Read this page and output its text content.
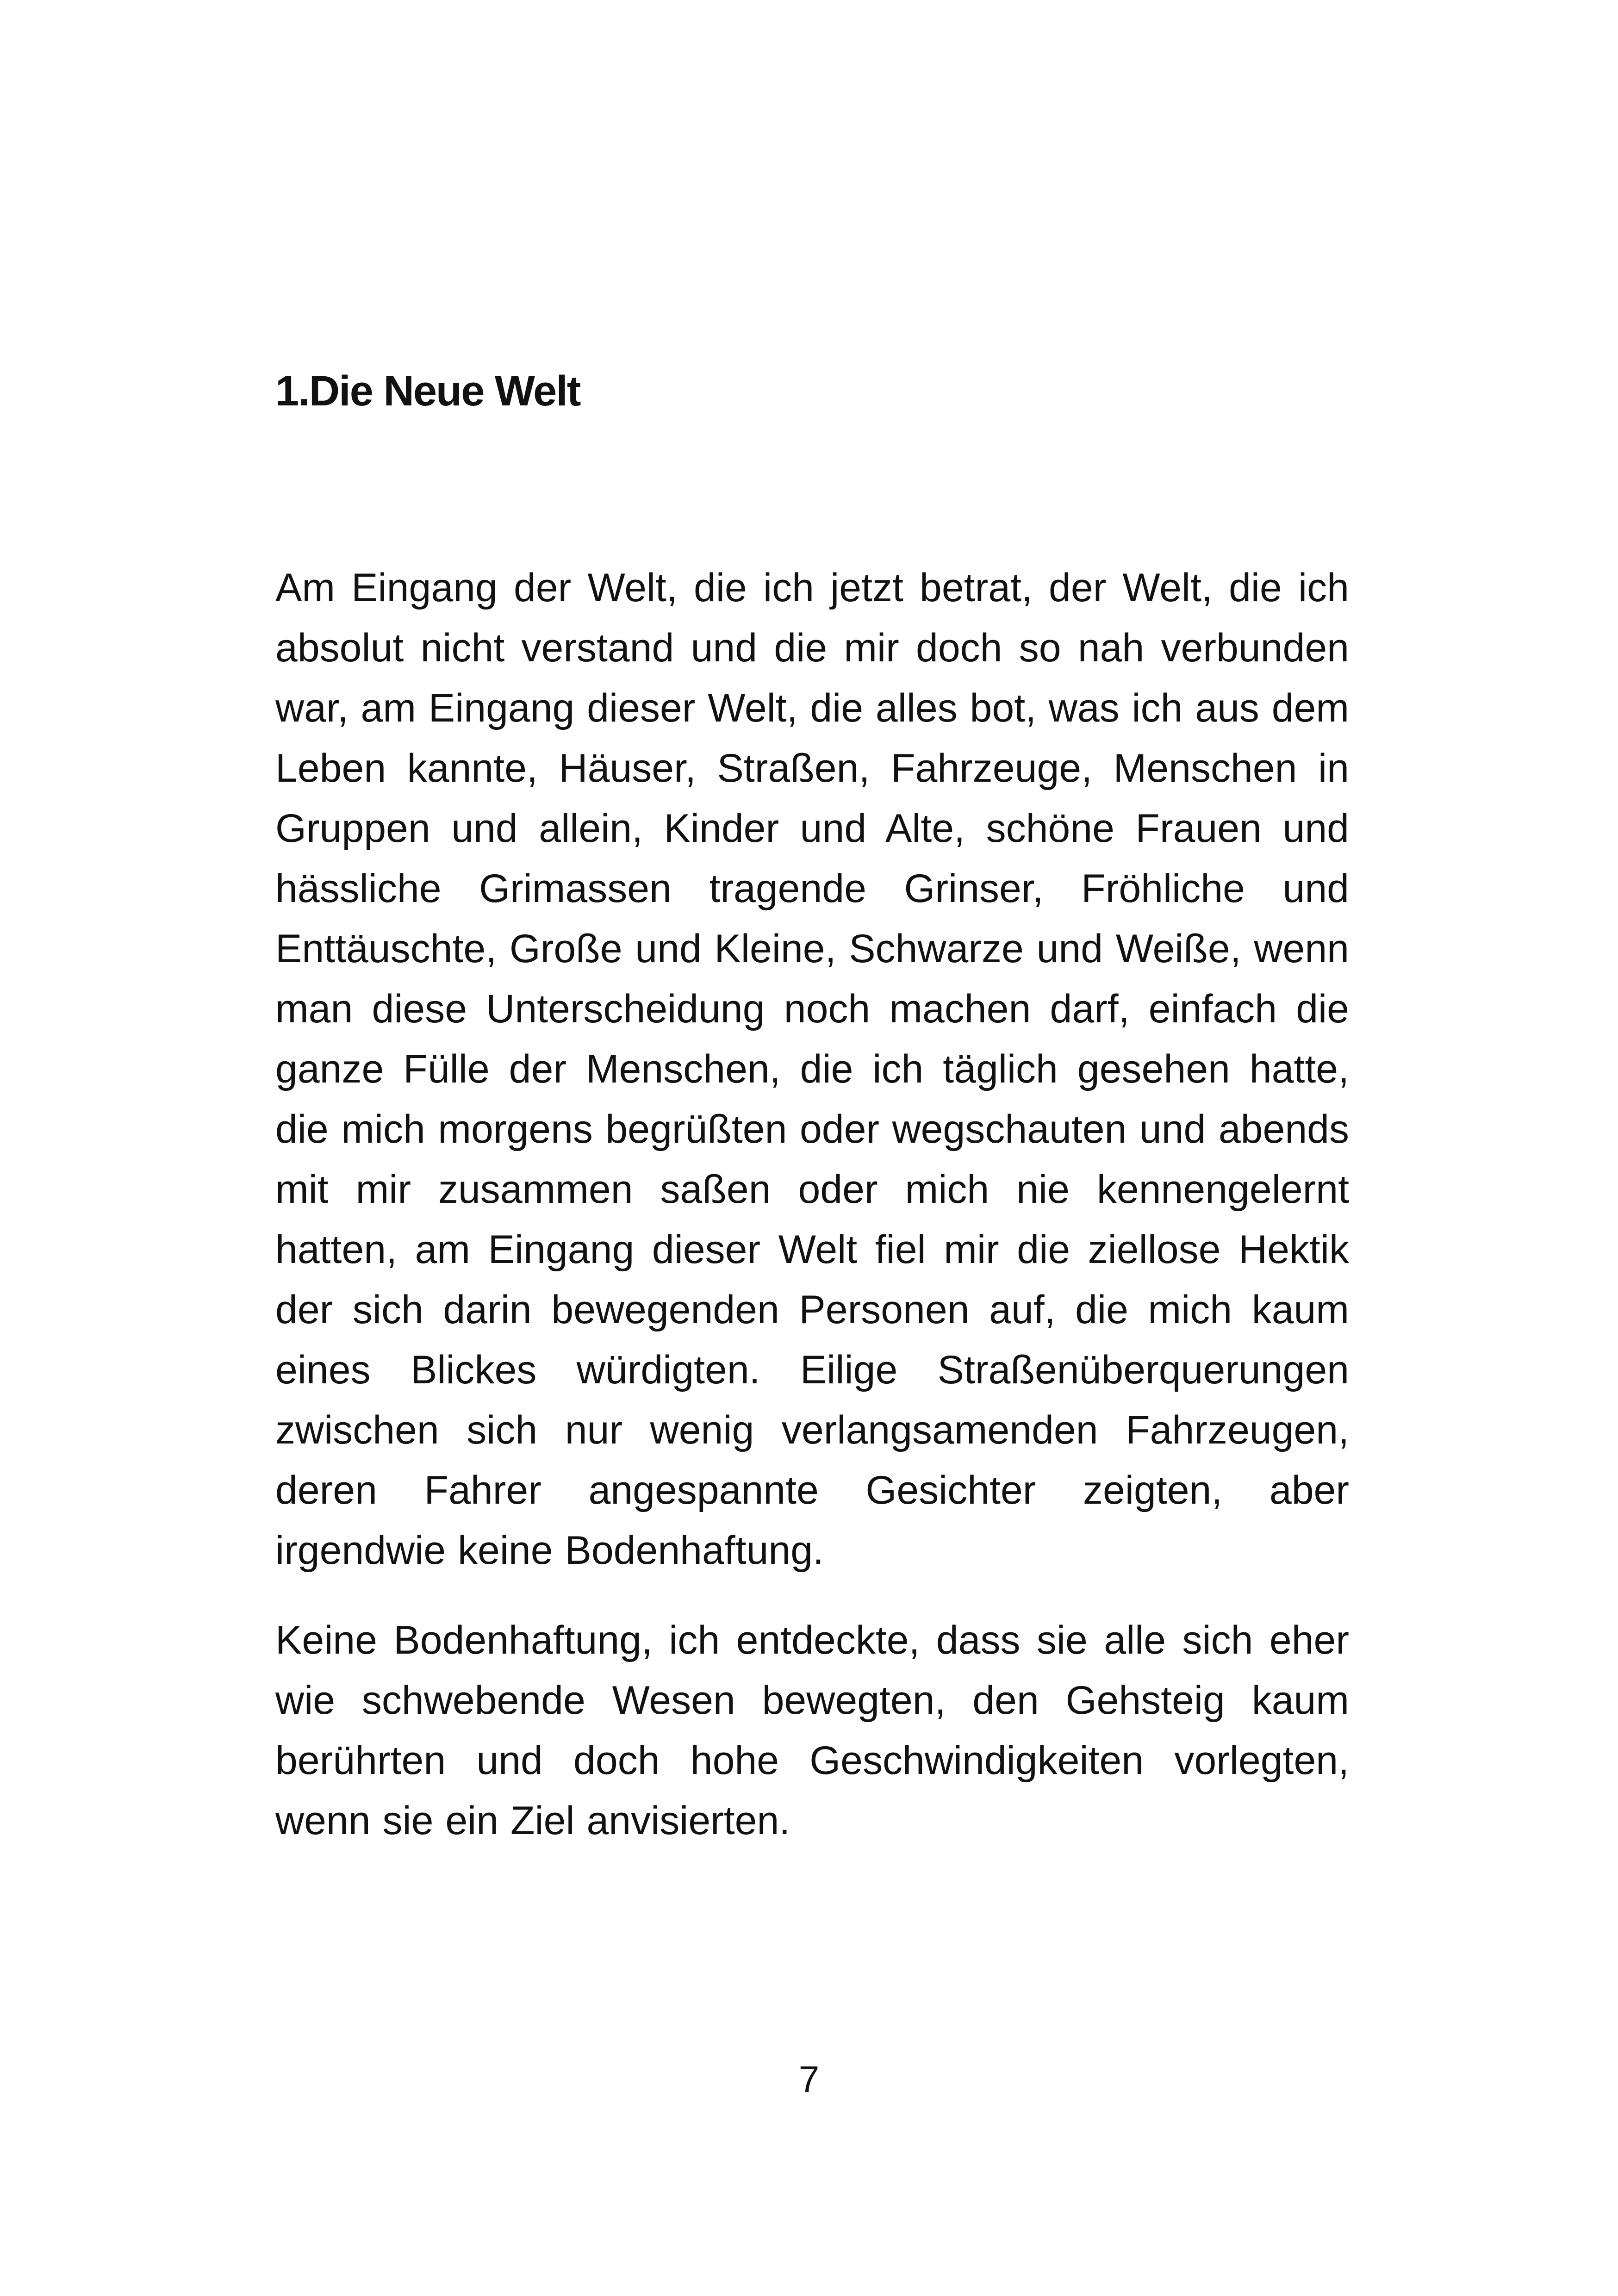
1.Die Neue Welt

Am Eingang der Welt, die ich jetzt betrat, der Welt, die ich absolut nicht verstand und die mir doch so nah verbunden war, am Eingang dieser Welt, die alles bot, was ich aus dem Leben kannte, Häuser, Straßen, Fahrzeuge, Menschen in Gruppen und allein, Kinder und Alte, schöne Frauen und hässliche Grimassen tragende Grinser, Fröhliche und Enttäuschte, Große und Kleine, Schwarze und Weiße, wenn man diese Unterscheidung noch machen darf, einfach die ganze Fülle der Menschen, die ich täglich gesehen hatte, die mich morgens begrüßten oder wegschauten und abends mit mir zusammen saßen oder mich nie kennengelernt hatten, am Eingang dieser Welt fiel mir die ziellose Hektik der sich darin bewegenden Personen auf, die mich kaum eines Blickes würdigten. Eilige Straßenüberquerungen zwischen sich nur wenig verlangsamenden Fahrzeugen, deren Fahrer angespannte Gesichter zeigten, aber irgendwie keine Bodenhaftung.

Keine Bodenhaftung, ich entdeckte, dass sie alle sich eher wie schwebende Wesen bewegten, den Gehsteig kaum berührten und doch hohe Geschwindigkeiten vorlegten, wenn sie ein Ziel anvisierten.

7
